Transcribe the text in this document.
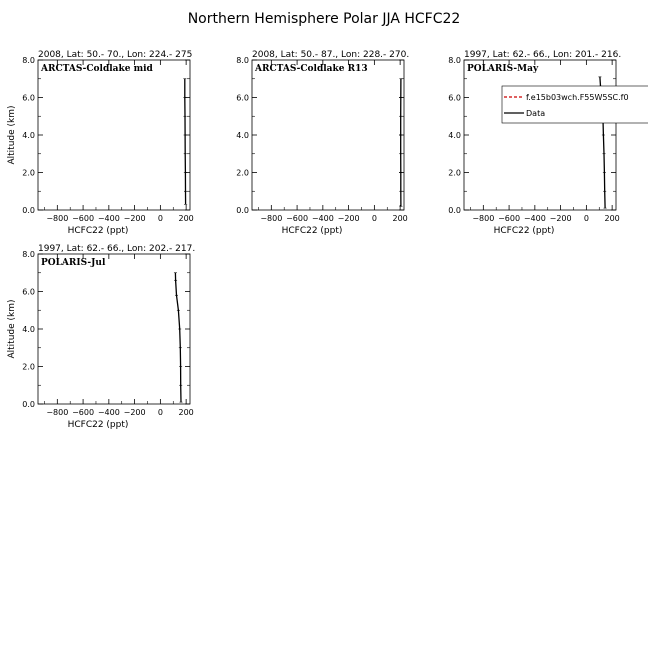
Northern Hemisphere Polar JJA HCFC22
2008, Lat: 50.- 70., Lon: 224.- 275
ARCTAS-Coldlake mid
−800 −600 −400 −200 0 200
0.0
2.0
4.0
6.0
8.0
HCFC22 (ppt)
Altitude (km)
2008, Lat: 50.- 87., Lon: 228.- 270.
ARCTAS-Coldlake R13
−800 −600 −400 −200 0 200
0.0
2.0
4.0
6.0
8.0
HCFC22 (ppt)
1997, Lat: 62.- 66., Lon: 201.- 216.
POLARIS-May
−800 −600 −400 −200 0 200
0.0
2.0
4.0
6.0
8.0
HCFC22 (ppt)
1997, Lat: 62.- 66., Lon: 202.- 217.
POLARIS-Jul
−800 −600 −400 −200 0 200
0.0
2.0
4.0
6.0
8.0
HCFC22 (ppt)
Altitude (km)
f.e15b03wch.F55W5SC.f0
Data
